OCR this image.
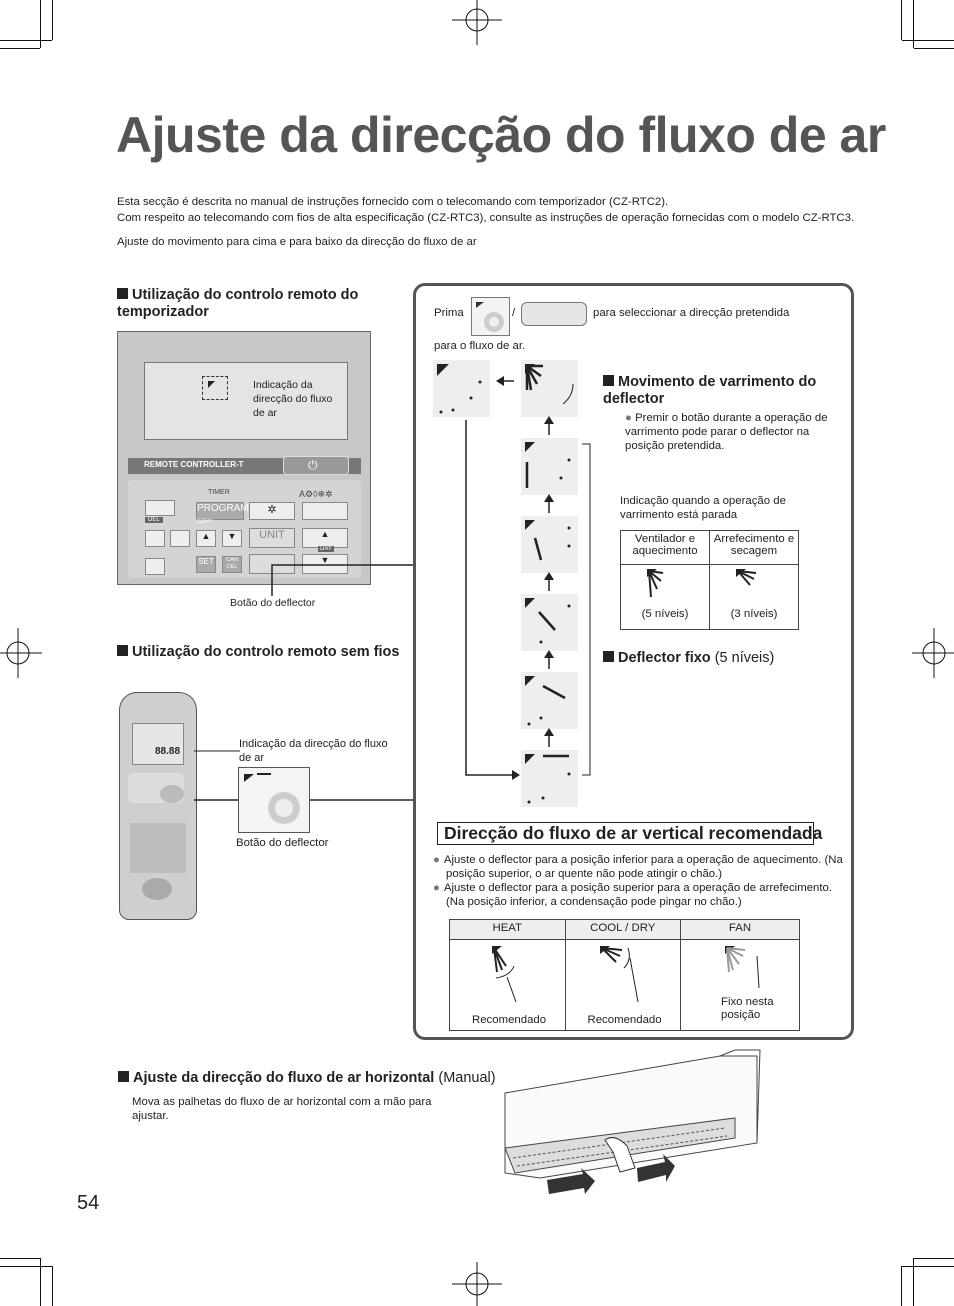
Ajuste da direcção do fluxo de ar

Esta secção é descrita no manual de instruções fornecido com o telecomando com temporizador (CZ-RTC2).

Com respeito ao telecomando com fios de alta especificação (CZ-RTC3), consulte as instruções de operação fornecidas com o modelo CZ-RTC3.

Ajuste do movimento para cima e para baixo da direcção do fluxo de ar

Utilização do controlo remoto do temporizador
Indicação da direcção do fluxo de ar
REMOTE CONTROLLER-T	⏻
TIMER	A⚙◊❄✲
DEL
PROGRAM
COPY
✲
▲	▼	UNIT	▲
DAY
SET	CAN CEL
▼
Botão do deflector
Utilização do controlo remoto sem fios
88.88
Indicação da direcção do fluxo de ar
Botão do deflector
Prima	/	para seleccionar a direcção pretendida
para o fluxo de ar.
Movimento de varrimento do deflector
● Premir o botão durante a operação de varrimento pode parar o deflector na posição pretendida.
Indicação quando a operação de varrimento está parada
Ventilador e aquecimento	Arrefecimento e secagem

(5 níveis)	(3 níveis)
Deflector fixo (5 níveis)
Direcção do fluxo de ar vertical recomendada
● Ajuste o deflector para a posição inferior para a operação de aquecimento. (Na posição superior, o ar quente não pode atingir o chão.)
● Ajuste o deflector para a posição superior para a operação de arrefecimento. (Na posição inferior, a condensação pode pingar no chão.)
HEAT	COOL / DRY	FAN

Recomendado	Recomendado	Fixo nesta posição
Ajuste da direcção do fluxo de ar horizontal (Manual)
Mova as palhetas do fluxo de ar horizontal com a mão para ajustar.
54
